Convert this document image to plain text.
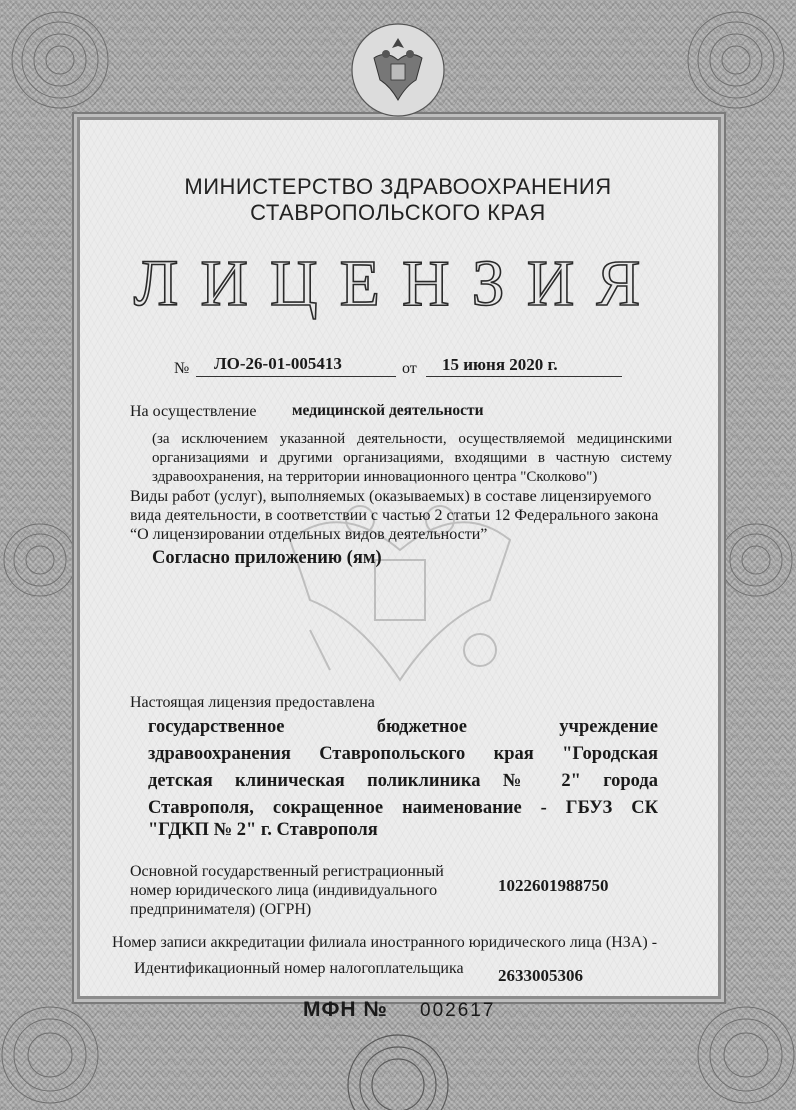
МИНИСТЕРСТВО ЗДРАВООХРАНЕНИЯ
СТАВРОПОЛЬСКОГО КРАЯ
ЛИЦЕНЗИЯ
№ ЛО-26-01-005413	от 15 июня 2020 г.
На осуществление медицинской деятельности
(за исключением указанной деятельности, осуществляемой медицинскими
организациями и другими организациями, входящими в частную систему
здравоохранения, на территории инновационного центра "Сколково")
Виды работ (услуг), выполняемых (оказываемых) в составе лицензируемого
вида деятельности, в соответствии с частью 2 статьи 12 Федерального закона
“О лицензировании отдельных видов деятельности”
Согласно приложению (ям)
Настоящая лицензия предоставлена
государственное бюджетное учреждение
здравоохранения Ставропольского края "Городская
детская клиническая поликлиника № 2" города
Ставрополя, сокращенное наименование - ГБУЗ СК
"ГДКП № 2" г. Ставрополя
Основной государственный регистрационный
номер юридического лица (индивидуального
предпринимателя) (ОГРН)
1022601988750
Номер записи аккредитации филиала иностранного юридического лица (НЗА) -
Идентификационный номер налогоплательщика 2633005306
МФН № 002617
